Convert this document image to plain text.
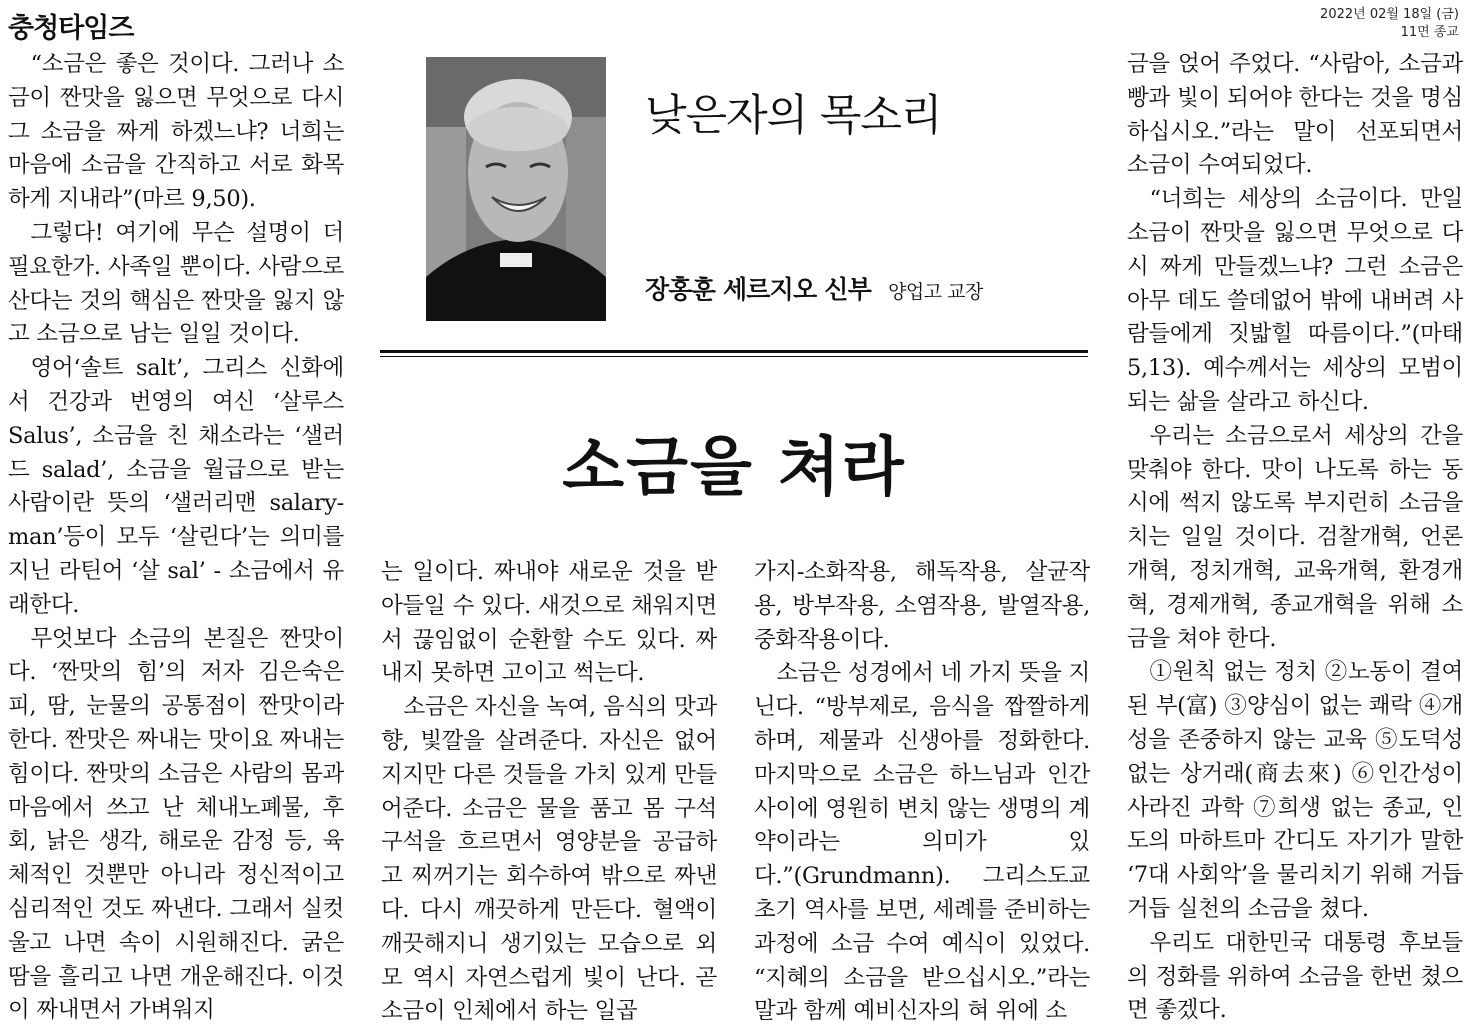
충청타임즈	2022년 02월 18일 (금)
11면 종교

“소금은 좋은 것이다. 그러나 소금이 짠맛을 잃으면 무엇으로 다시 그 소금을 짜게 하겠느냐? 너희는 마음에 소금을 간직하고 서로 화목하게 지내라”(마르 9,50).

그렇다! 여기에 무슨 설명이 더 필요한가. 사족일 뿐이다. 사람으로 산다는 것의 핵심은 짠맛을 잃지 않고 소금으로 남는 일일 것이다.

영어‘솔트 salt’, 그리스 신화에서 건강과 번영의 여신 ‘살루스 Salus’, 소금을 친 채소라는 ‘샐러드 salad’, 소금을 월급으로 받는 사람이란 뜻의 ‘샐러리맨 salary-man’등이 모두 ‘살린다’는 의미를 지닌 라틴어 ‘살 sal’ - 소금에서 유래한다.

무엇보다 소금의 본질은 짠맛이다. ‘짠맛의 힘’의 저자 김은숙은 피, 땀, 눈물의 공통점이 짠맛이라 한다. 짠맛은 짜내는 맛이요 짜내는 힘이다. 짠맛의 소금은 사람의 몸과 마음에서 쓰고 난 체내노폐물, 후회, 낡은 생각, 해로운 감정 등, 육체적인 것뿐만 아니라 정신적이고 심리적인 것도 짜낸다. 그래서 실컷 울고 나면 속이 시원해진다. 굵은 땀을 흘리고 나면 개운해진다. 이것이 짜내면서 가벼워지

낮은자의 목소리
장홍훈 세르지오 신부 양업고 교장
소금을 쳐라

는 일이다. 짜내야 새로운 것을 받아들일 수 있다. 새것으로 채워지면서 끊임없이 순환할 수도 있다. 짜내지 못하면 고이고 썩는다.

소금은 자신을 녹여, 음식의 맛과 향, 빛깔을 살려준다. 자신은 없어지지만 다른 것들을 가치 있게 만들어준다. 소금은 물을 품고 몸 구석구석을 흐르면서 영양분을 공급하고 찌꺼기는 회수하여 밖으로 짜낸다. 다시 깨끗하게 만든다. 혈액이 깨끗해지니 생기있는 모습으로 외모 역시 자연스럽게 빛이 난다. 곧 소금이 인체에서 하는 일곱

가지-소화작용, 해독작용, 살균작용, 방부작용, 소염작용, 발열작용, 중화작용이다.

소금은 성경에서 네 가지 뜻을 지닌다. “방부제로, 음식을 짭짤하게 하며, 제물과 신생아를 정화한다. 마지막으로 소금은 하느님과 인간 사이에 영원히 변치 않는 생명의 계약이라는 의미가 있다.”(Grundmann). 그리스도교 초기 역사를 보면, 세례를 준비하는 과정에 소금 수여 예식이 있었다. “지혜의 소금을 받으십시오.”라는 말과 함께 예비신자의 혀 위에 소

금을 얹어 주었다. “사람아, 소금과 빵과 빛이 되어야 한다는 것을 명심하십시오.”라는 말이 선포되면서 소금이 수여되었다.

“너희는 세상의 소금이다. 만일 소금이 짠맛을 잃으면 무엇으로 다시 짜게 만들겠느냐? 그런 소금은 아무 데도 쓸데없어 밖에 내버려 사람들에게 짓밟힐 따름이다.”(마태 5,13). 예수께서는 세상의 모범이 되는 삶을 살라고 하신다.

우리는 소금으로서 세상의 간을 맞춰야 한다. 맛이 나도록 하는 동시에 썩지 않도록 부지런히 소금을 치는 일일 것이다. 검찰개혁, 언론개혁, 정치개혁, 교육개혁, 환경개혁, 경제개혁, 종교개혁을 위해 소금을 쳐야 한다.

①원칙 없는 정치 ②노동이 결여된 부(富) ③양심이 없는 쾌락 ④개성을 존중하지 않는 교육 ⑤도덕성 없는 상거래(商去來) ⑥인간성이 사라진 과학 ⑦희생 없는 종교, 인도의 마하트마 간디도 자기가 말한 ‘7대 사회악’을 물리치기 위해 거듭거듭 실천의 소금을 쳤다.

우리도 대한민국 대통령 후보들의 정화를 위하여 소금을 한번 쳤으면 좋겠다.
